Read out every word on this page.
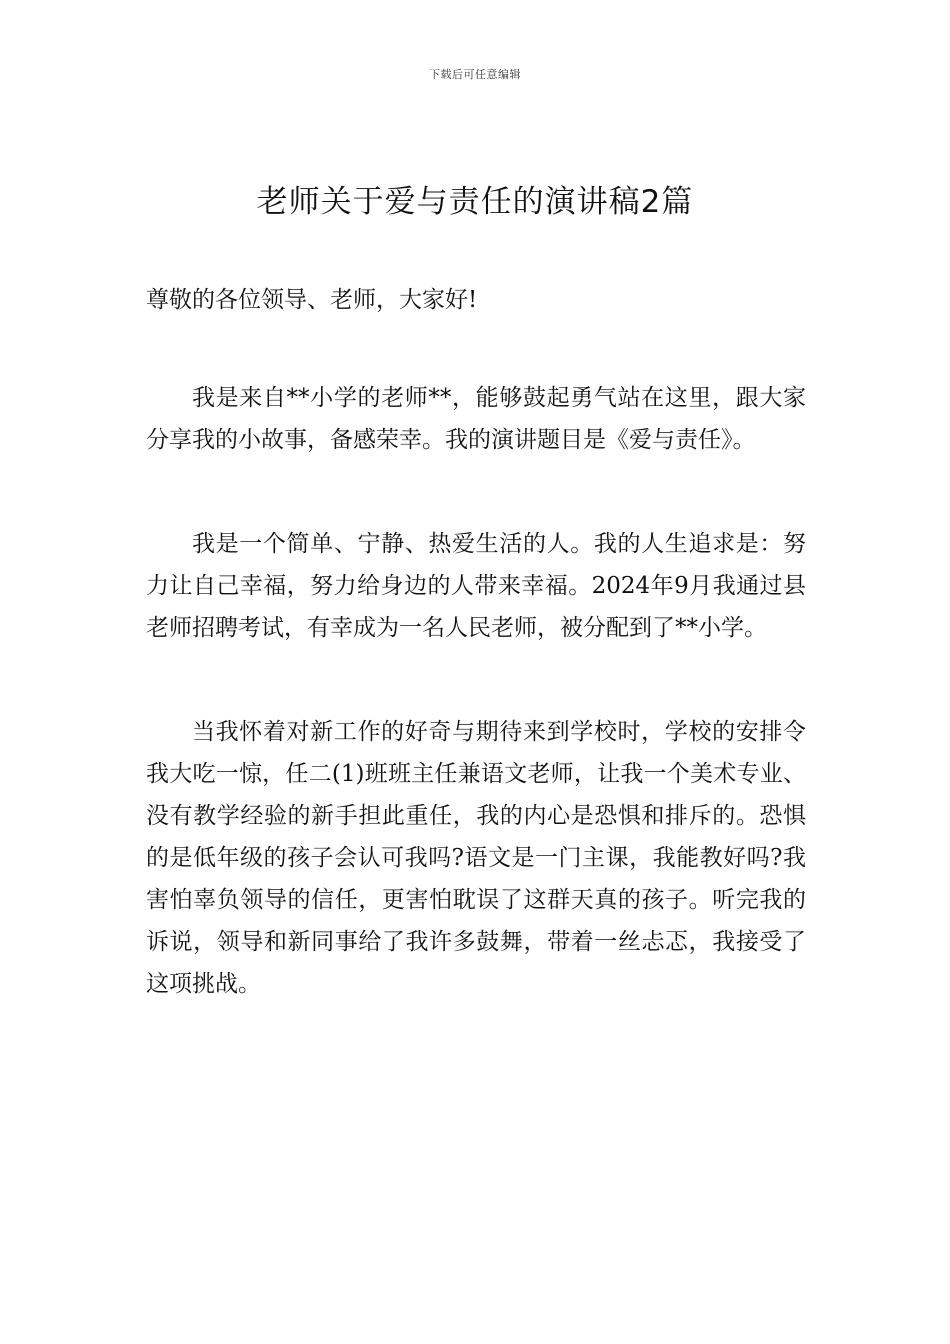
下载后可任意编辑
老师关于爱与责任的演讲稿2篇

尊敬的各位领导、老师，大家好!

我是来自**小学的老师**，能够鼓起勇气站在这里，跟大家分享我的小故事，备感荣幸。我的演讲题目是《爱与责任》。

我是一个简单、宁静、热爱生活的人。我的人生追求是：努力让自己幸福，努力给身边的人带来幸福。2024年9月我通过县老师招聘考试，有幸成为一名人民老师，被分配到了**小学。

当我怀着对新工作的好奇与期待来到学校时，学校的安排令我大吃一惊，任二(1)班班主任兼语文老师，让我一个美术专业、没有教学经验的新手担此重任，我的内心是恐惧和排斥的。恐惧的是低年级的孩子会认可我吗?语文是一门主课，我能教好吗?我害怕辜负领导的信任，更害怕耽误了这群天真的孩子。听完我的诉说，领导和新同事给了我许多鼓舞，带着一丝忐忑，我接受了这项挑战。
